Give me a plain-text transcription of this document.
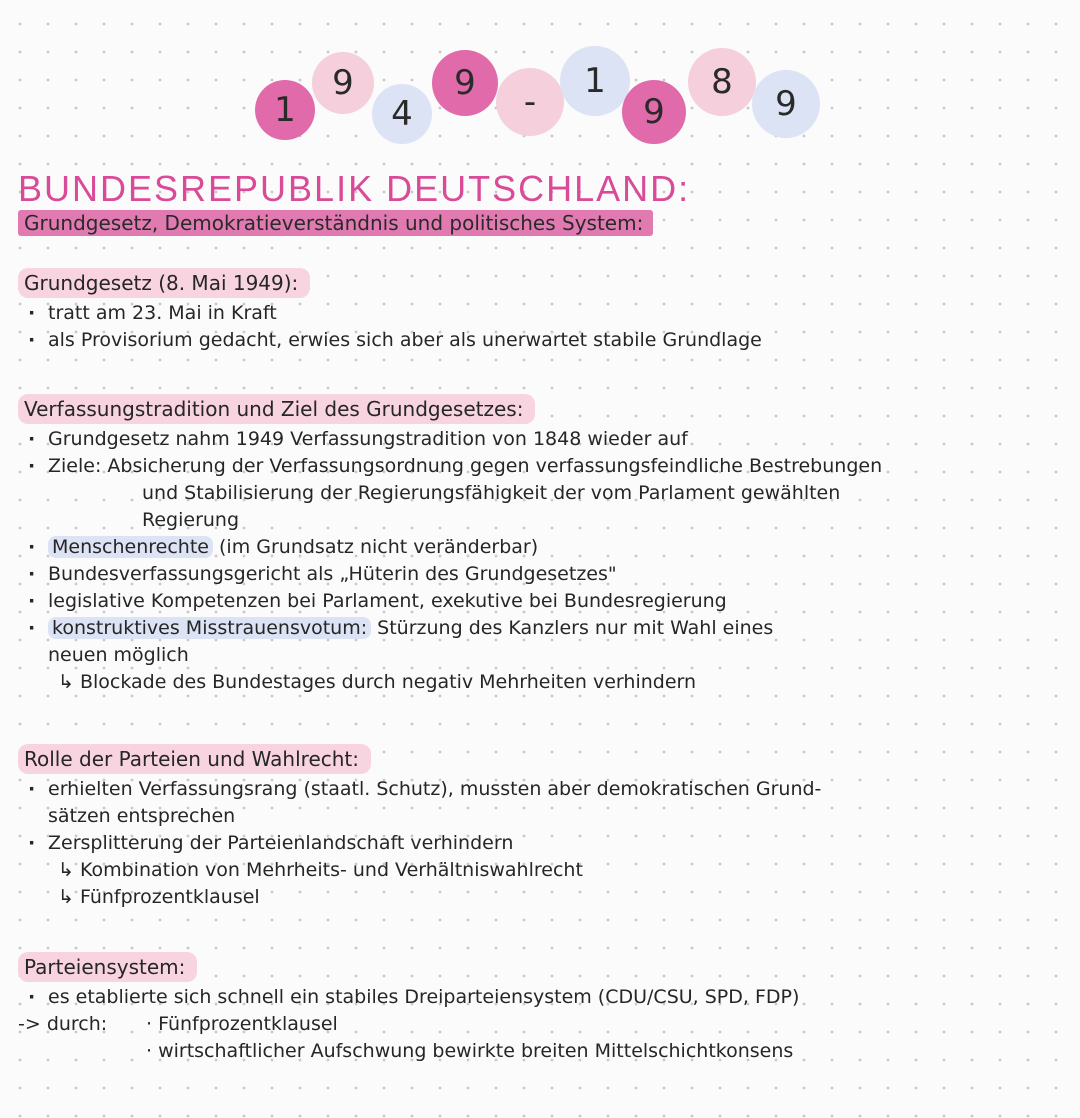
1
9
4
9	-
1
9
8
9
BUNDESREPUBLIK DEUTSCHLAND:
Grundgesetz, Demokratieverständnis und politisches System:
Grundgesetz (8. Mai 1949):
· tratt am 23. Mai in Kraft
· als Provisorium gedacht, erwies sich aber als unerwartet stabile Grundlage
Verfassungstradition und Ziel des Grundgesetzes:
· Grundgesetz nahm 1949 Verfassungstradition von 1848 wieder auf
· Ziele: Absicherung der Verfassungsordnung gegen verfassungsfeindliche Bestrebungen
und Stabilisierung der Regierungsfähigkeit der vom Parlament gewählten
Regierung
· Menschenrechte (im Grundsatz nicht veränderbar)
· Bundesverfassungsgericht als „Hüterin des Grundgesetzes"
· legislative Kompetenzen bei Parlament, exekutive bei Bundesregierung
· konstruktives Misstrauensvotum: Stürzung des Kanzlers nur mit Wahl eines
neuen möglich
↳ Blockade des Bundestages durch negativ Mehrheiten verhindern
Rolle der Parteien und Wahlrecht:
· erhielten Verfassungsrang (staatl. Schutz), mussten aber demokratischen Grund-
sätzen entsprechen
· Zersplitterung der Parteienlandschaft verhindern
↳ Kombination von Mehrheits- und Verhältniswahlrecht
↳ Fünfprozentklausel
Parteiensystem:
· es etablierte sich schnell ein stabiles Dreiparteiensystem (CDU/CSU, SPD, FDP)
-> durch: · Fünfprozentklausel
· wirtschaftlicher Aufschwung bewirkte breiten Mittelschichtkonsens
